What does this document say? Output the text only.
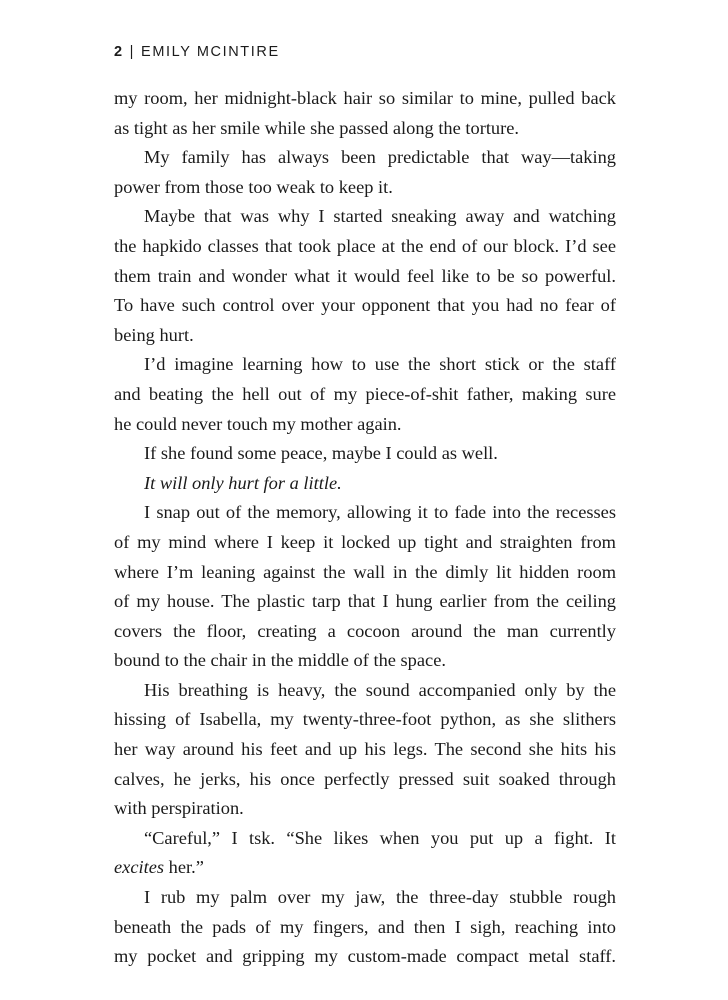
2 | EMILY MCINTIRE
my room, her midnight-black hair so similar to mine, pulled back
as tight as her smile while she passed along the torture.
My family has always been predictable that way—taking
power from those too weak to keep it.
Maybe that was why I started sneaking away and watching
the hapkido classes that took place at the end of our block. I’d see
them train and wonder what it would feel like to be so powerful.
To have such control over your opponent that you had no fear of
being hurt.
I’d imagine learning how to use the short stick or the staff
and beating the hell out of my piece-of-shit father, making sure
he could never touch my mother again.
If she found some peace, maybe I could as well.
It will only hurt for a little.
I snap out of the memory, allowing it to fade into the recesses
of my mind where I keep it locked up tight and straighten from
where I’m leaning against the wall in the dimly lit hidden room
of my house. The plastic tarp that I hung earlier from the ceiling
covers the floor, creating a cocoon around the man currently
bound to the chair in the middle of the space.
His breathing is heavy, the sound accompanied only by the
hissing of Isabella, my twenty-three-foot python, as she slithers
her way around his feet and up his legs. The second she hits his
calves, he jerks, his once perfectly pressed suit soaked through
with perspiration.
“Careful,” I tsk. “She likes when you put up a fight. It
excites her.”
I rub my palm over my jaw, the three-day stubble rough
beneath the pads of my fingers, and then I sigh, reaching into
my pocket and gripping my custom-made compact metal staff.
